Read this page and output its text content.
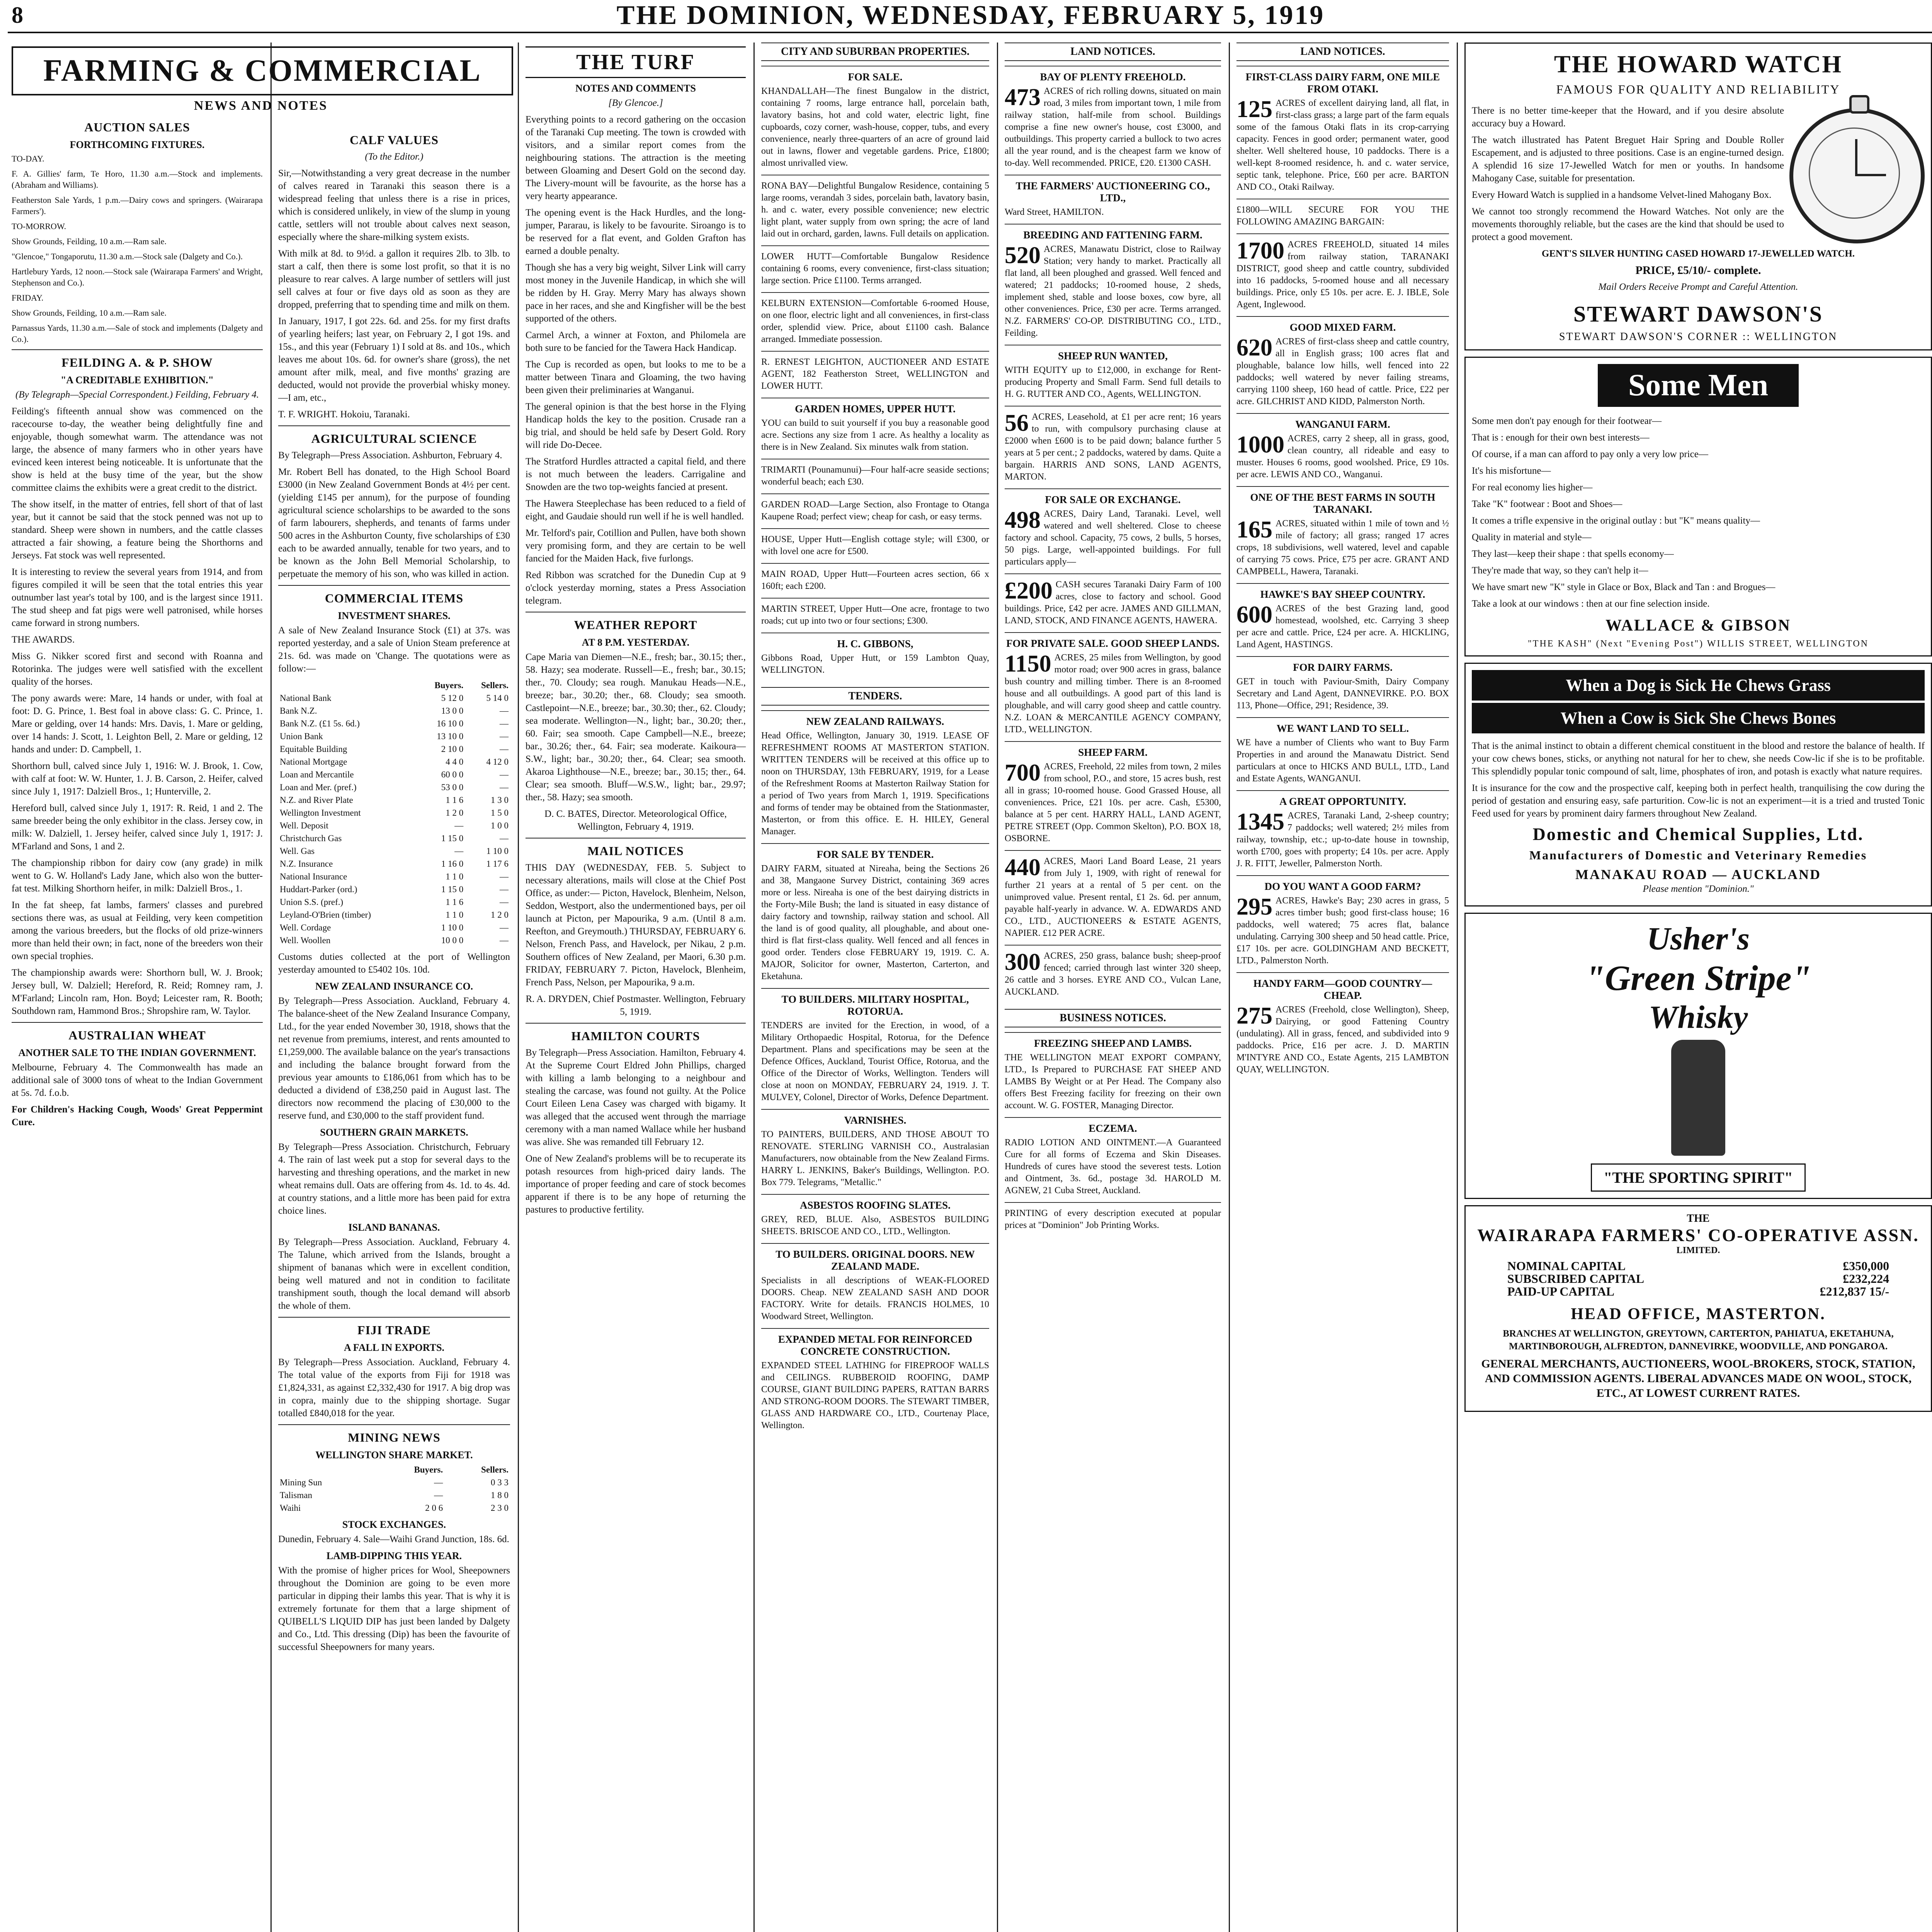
8	THE DOMINION, WEDNESDAY, FEBRUARY 5, 1919
FARMING & COMMERCIAL
NEWS AND NOTES
AUCTION SALES
FORTHCOMING FIXTURES.
TO-DAY.
F. A. Gillies' farm, Te Horo, 11.30 a.m.—Stock and implements. (Abraham and Williams).
Featherston Sale Yards, 1 p.m.—Dairy cows and springers. (Wairarapa Farmers').
TO-MORROW.
Show Grounds, Feilding, 10 a.m.—Ram sale.
"Glencoe," Tongaporutu, 11.30 a.m.—Stock sale (Dalgety and Co.).
Hartlebury Yards, 12 noon.—Stock sale (Wairarapa Farmers' and Wright, Stephenson and Co.).
FRIDAY.
Show Grounds, Feilding, 10 a.m.—Ram sale.
Parnassus Yards, 11.30 a.m.—Sale of stock and implements (Dalgety and Co.).
FEILDING A. & P. SHOW
"A CREDITABLE EXHIBITION."
(By Telegraph—Special Correspondent.) Feilding, February 4.
Feilding's fifteenth annual show was commenced on the racecourse to-day, the weather being delightfully fine and enjoyable, though somewhat warm. The attendance was not large, the absence of many farmers who in other years have evinced keen interest being noticeable. It is unfortunate that the show is held at the busy time of the year, but the show committee claims the exhibits were a great credit to the district.
The show itself, in the matter of entries, fell short of that of last year, but it cannot be said that the stock penned was not up to standard. Sheep were shown in numbers, and the cattle classes attracted a fair showing, a feature being the Shorthorns and Jerseys. Fat stock was well represented.
It is interesting to review the several years from 1914, and from figures compiled it will be seen that the total entries this year outnumber last year's total by 100, and is the largest since 1911. The stud sheep and fat pigs were well patronised, while horses came forward in strong numbers.
THE AWARDS.
Miss G. Nikker scored first and second with Roanna and Rotorinka. The judges were well satisfied with the excellent quality of the horses.
The pony awards were: Mare, 14 hands or under, with foal at foot: D. G. Prince, 1. Best foal in above class: G. C. Prince, 1. Mare or gelding, over 14 hands: Mrs. Davis, 1. Mare or gelding, over 14 hands: J. Scott, 1. Leighton Bell, 2. Mare or gelding, 12 hands and under: D. Campbell, 1.
Shorthorn bull, calved since July 1, 1916: W. J. Brook, 1. Cow, with calf at foot: W. W. Hunter, 1. J. B. Carson, 2. Heifer, calved since July 1, 1917: Dalziell Bros., 1; Hunterville, 2.
Hereford bull, calved since July 1, 1917: R. Reid, 1 and 2. The same breeder being the only exhibitor in the class. Jersey cow, in milk: W. Dalziell, 1. Jersey heifer, calved since July 1, 1917: J. M'Farland and Sons, 1 and 2.
The championship ribbon for dairy cow (any grade) in milk went to G. W. Holland's Lady Jane, which also won the butter-fat test. Milking Shorthorn heifer, in milk: Dalziell Bros., 1.
In the fat sheep, fat lambs, farmers' classes and purebred sections there was, as usual at Feilding, very keen competition among the various breeders, but the flocks of old prize-winners more than held their own; in fact, none of the breeders won their own special trophies.
The championship awards were: Shorthorn bull, W. J. Brook; Jersey bull, W. Dalziell; Hereford, R. Reid; Romney ram, J. M'Farland; Lincoln ram, Hon. Boyd; Leicester ram, R. Booth; Southdown ram, Hammond Bros.; Shropshire ram, W. Taylor.
AUSTRALIAN WHEAT
ANOTHER SALE TO THE INDIAN GOVERNMENT.
Melbourne, February 4. The Commonwealth has made an additional sale of 3000 tons of wheat to the Indian Government at 5s. 7d. f.o.b.
For Children's Hacking Cough, Woods' Great Peppermint Cure.
CALF VALUES
(To the Editor.)
Sir,—Notwithstanding a very great decrease in the number of calves reared in Taranaki this season there is a widespread feeling that unless there is a rise in prices, which is considered unlikely, in view of the slump in young cattle, settlers will not trouble about calves next season, especially where the share-milking system exists.
With milk at 8d. to 9½d. a gallon it requires 2lb. to 3lb. to start a calf, then there is some lost profit, so that it is no pleasure to rear calves. A large number of settlers will just sell calves at four or five days old as soon as they are dropped, preferring that to spending time and milk on them.
In January, 1917, I got 22s. 6d. and 25s. for my first drafts of yearling heifers; last year, on February 2, I got 19s. and 15s., and this year (February 1) I sold at 8s. and 10s., which leaves me about 10s. 6d. for owner's share (gross), the net amount after milk, meal, and five months' grazing are deducted, would not provide the proverbial whisky money.—I am, etc.,
T. F. WRIGHT. Hokoiu, Taranaki.
AGRICULTURAL SCIENCE
By Telegraph—Press Association. Ashburton, February 4.
Mr. Robert Bell has donated, to the High School Board £3000 (in New Zealand Government Bonds at 4½ per cent. (yielding £145 per annum), for the purpose of founding agricultural science scholarships to be awarded to the sons of farm labourers, shepherds, and tenants of farms under 500 acres in the Ashburton County, five scholarships of £30 each to be awarded annually, tenable for two years, and to be known as the John Bell Memorial Scholarship, to perpetuate the memory of his son, who was killed in action.
COMMERCIAL ITEMS
INVESTMENT SHARES.
A sale of New Zealand Insurance Stock (£1) at 37s. was reported yesterday, and a sale of Union Steam preference at 21s. 6d. was made on 'Change. The quotations were as follow:—
	Buyers.	Sellers.
National Bank	5 12 0	5 14 0
Bank N.Z.	13 0 0	—
Bank N.Z. (£1 5s. 6d.)	16 10 0	—
Union Bank	13 10 0	—
Equitable Building	2 10 0	—
National Mortgage	4 4 0	4 12 0
Loan and Mercantile	60 0 0	—
Loan and Mer. (pref.)	53 0 0	—
N.Z. and River Plate	1 1 6	1 3 0
Wellington Investment	1 2 0	1 5 0
Well. Deposit	—	1 0 0
Christchurch Gas	1 15 0	—
Well. Gas	—	1 10 0
N.Z. Insurance	1 16 0	1 17 6
National Insurance	1 1 0	—
Huddart-Parker (ord.)	1 15 0	—
Union S.S. (pref.)	1 1 6	—
Leyland-O'Brien (timber)	1 1 0	1 2 0
Well. Cordage	1 10 0	—
Well. Woollen	10 0 0	—
Customs duties collected at the port of Wellington yesterday amounted to £5402 10s. 10d.
NEW ZEALAND INSURANCE CO.
By Telegraph—Press Association. Auckland, February 4. The balance-sheet of the New Zealand Insurance Company, Ltd., for the year ended November 30, 1918, shows that the net revenue from premiums, interest, and rents amounted to £1,259,000. The available balance on the year's transactions and including the balance brought forward from the previous year amounts to £186,061 from which has to be deducted a dividend of £38,250 paid in August last. The directors now recommend the placing of £30,000 to the reserve fund, and £30,000 to the staff provident fund.
SOUTHERN GRAIN MARKETS.
By Telegraph—Press Association. Christchurch, February 4. The rain of last week put a stop for several days to the harvesting and threshing operations, and the market in new wheat remains dull. Oats are offering from 4s. 1d. to 4s. 4d. at country stations, and a little more has been paid for extra choice lines.
ISLAND BANANAS.
By Telegraph—Press Association. Auckland, February 4. The Talune, which arrived from the Islands, brought a shipment of bananas which were in excellent condition, being well matured and not in condition to facilitate transhipment south, though the local demand will absorb the whole of them.
FIJI TRADE
A FALL IN EXPORTS.
By Telegraph—Press Association. Auckland, February 4. The total value of the exports from Fiji for 1918 was £1,824,331, as against £2,332,430 for 1917. A big drop was in copra, mainly due to the shipping shortage. Sugar totalled £840,018 for the year.
MINING NEWS
WELLINGTON SHARE MARKET.
	Buyers.	Sellers.
Mining Sun	—	0 3 3
Talisman	—	1 8 0
Waihi	2 0 6	2 3 0
STOCK EXCHANGES.
Dunedin, February 4. Sale—Waihi Grand Junction, 18s. 6d.
LAMB-DIPPING THIS YEAR.
With the promise of higher prices for Wool, Sheepowners throughout the Dominion are going to be even more particular in dipping their lambs this year. That is why it is extremely fortunate for them that a large shipment of QUIBELL'S LIQUID DIP has just been landed by Dalgety and Co., Ltd. This dressing (Dip) has been the favourite of successful Sheepowners for many years.
THE TURF
NOTES AND COMMENTS
[By Glencoe.]
Everything points to a record gathering on the occasion of the Taranaki Cup meeting. The town is crowded with visitors, and a similar report comes from the neighbouring stations. The attraction is the meeting between Gloaming and Desert Gold on the second day. The Livery-mount will be favourite, as the horse has a very hearty appearance.
The opening event is the Hack Hurdles, and the long-jumper, Pararau, is likely to be favourite. Siroango is to be reserved for a flat event, and Golden Grafton has earned a double penalty.
Though she has a very big weight, Silver Link will carry most money in the Juvenile Handicap, in which she will be ridden by H. Gray. Merry Mary has always shown pace in her races, and she and Kingfisher will be the best supported of the others.
Carmel Arch, a winner at Foxton, and Philomela are both sure to be fancied for the Tawera Hack Handicap.
The Cup is recorded as open, but looks to me to be a matter between Tinara and Gloaming, the two having been given their preliminaries at Wanganui.
The general opinion is that the best horse in the Flying Handicap holds the key to the position. Crusade ran a big trial, and should be held safe by Desert Gold. Rory will ride Do-Decee.
The Stratford Hurdles attracted a capital field, and there is not much between the leaders. Carrigaline and Snowden are the two top-weights fancied at present.
The Hawera Steeplechase has been reduced to a field of eight, and Gaudaie should run well if he is well handled.
Mr. Telford's pair, Cotillion and Pullen, have both shown very promising form, and they are certain to be well fancied for the Maiden Hack, five furlongs.
Red Ribbon was scratched for the Dunedin Cup at 9 o'clock yesterday morning, states a Press Association telegram.
WEATHER REPORT
AT 8 P.M. YESTERDAY.
Cape Maria van Diemen—N.E., fresh; bar., 30.15; ther., 58. Hazy; sea moderate. Russell—E., fresh; bar., 30.15; ther., 70. Cloudy; sea rough. Manukau Heads—N.E., breeze; bar., 30.20; ther., 68. Cloudy; sea smooth. Castlepoint—N.E., breeze; bar., 30.30; ther., 62. Cloudy; sea moderate. Wellington—N., light; bar., 30.20; ther., 60. Fair; sea smooth. Cape Campbell—N.E., breeze; bar., 30.26; ther., 64. Fair; sea moderate. Kaikoura—S.W., light; bar., 30.20; ther., 64. Clear; sea smooth. Akaroa Lighthouse—N.E., breeze; bar., 30.15; ther., 64. Clear; sea smooth. Bluff—W.S.W., light; bar., 29.97; ther., 58. Hazy; sea smooth.
D. C. BATES, Director. Meteorological Office, Wellington, February 4, 1919.
MAIL NOTICES
THIS DAY (WEDNESDAY, FEB. 5. Subject to necessary alterations, mails will close at the Chief Post Office, as under:— Picton, Havelock, Blenheim, Nelson, Seddon, Westport, also the undermentioned bays, per oil launch at Picton, per Mapourika, 9 a.m. (Until 8 a.m. Reefton, and Greymouth.) THURSDAY, FEBRUARY 6. Nelson, French Pass, and Havelock, per Nikau, 2 p.m. Southern offices of New Zealand, per Maori, 6.30 p.m. FRIDAY, FEBRUARY 7. Picton, Havelock, Blenheim, French Pass, Nelson, per Mapourika, 9 a.m.
R. A. DRYDEN, Chief Postmaster. Wellington, February 5, 1919.
HAMILTON COURTS
By Telegraph—Press Association. Hamilton, February 4. At the Supreme Court Eldred John Phillips, charged with killing a lamb belonging to a neighbour and stealing the carcase, was found not guilty. At the Police Court Eileen Lena Casey was charged with bigamy. It was alleged that the accused went through the marriage ceremony with a man named Wallace while her husband was alive. She was remanded till February 12.
One of New Zealand's problems will be to recuperate its potash resources from high-priced dairy lands. The importance of proper feeding and care of stock becomes apparent if there is to be any hope of returning the pastures to productive fertility.
CITY AND SUBURBAN PROPERTIES.
FOR SALE.
KHANDALLAH—The finest Bungalow in the district, containing 7 rooms, large entrance hall, porcelain bath, lavatory basins, hot and cold water, electric light, fine cupboards, cozy corner, wash-house, copper, tubs, and every convenience, nearly three-quarters of an acre of ground laid out in lawns, flower and vegetable gardens. Price, £1800; almost unrivalled view.
RONA BAY—Delightful Bungalow Residence, containing 5 large rooms, verandah 3 sides, porcelain bath, lavatory basin, h. and c. water, every possible convenience; new electric light plant, water supply from own spring; the acre of land laid out in orchard, garden, lawns. Full details on application.
LOWER HUTT—Comfortable Bungalow Residence containing 6 rooms, every convenience, first-class situation; large section. Price £1100. Terms arranged.
KELBURN EXTENSION—Comfortable 6-roomed House, on one floor, electric light and all conveniences, in first-class order, splendid view. Price, about £1100 cash. Balance arranged. Immediate possession.
R. ERNEST LEIGHTON, AUCTIONEER AND ESTATE AGENT, 182 Featherston Street, WELLINGTON and LOWER HUTT.
GARDEN HOMES, UPPER HUTT.
YOU can build to suit yourself if you buy a reasonable good acre. Sections any size from 1 acre. As healthy a locality as there is in New Zealand. Six minutes walk from station.
TRIMARTI (Pounamunui)—Four half-acre seaside sections; wonderful beach; each £30.
GARDEN ROAD—Large Section, also Frontage to Otanga Kaupene Road; perfect view; cheap for cash, or easy terms.
HOUSE, Upper Hutt—English cottage style; will £300, or with lovel one acre for £500.
MAIN ROAD, Upper Hutt—Fourteen acres section, 66 x 160ft; each £200.
MARTIN STREET, Upper Hutt—One acre, frontage to two roads; cut up into two or four sections; £300.
H. C. GIBBONS,
Gibbons Road, Upper Hutt, or 159 Lambton Quay, WELLINGTON.
TENDERS.
NEW ZEALAND RAILWAYS.
Head Office, Wellington, January 30, 1919. LEASE OF REFRESHMENT ROOMS AT MASTERTON STATION. WRITTEN TENDERS will be received at this office up to noon on THURSDAY, 13th FEBRUARY, 1919, for a Lease of the Refreshment Rooms at Masterton Railway Station for a period of Two years from March 1, 1919. Specifications and forms of tender may be obtained from the Stationmaster, Masterton, or from this office. E. H. HILEY, General Manager.
FOR SALE BY TENDER.
DAIRY FARM, situated at Nireaha, being the Sections 26 and 38, Mangaone Survey District, containing 369 acres more or less. Nireaha is one of the best dairying districts in the Forty-Mile Bush; the land is situated in easy distance of dairy factory and township, railway station and school. All the land is of good quality, all ploughable, and about one-third is flat first-class quality. Well fenced and all fences in good order. Tenders close FEBRUARY 19, 1919. C. A. MAJOR, Solicitor for owner, Masterton, Carterton, and Eketahuna.
TO BUILDERS. MILITARY HOSPITAL, ROTORUA.
TENDERS are invited for the Erection, in wood, of a Military Orthopaedic Hospital, Rotorua, for the Defence Department. Plans and specifications may be seen at the Defence Offices, Auckland, Tourist Office, Rotorua, and the Office of the Director of Works, Wellington. Tenders will close at noon on MONDAY, FEBRUARY 24, 1919. J. T. MULVEY, Colonel, Director of Works, Defence Department.
VARNISHES.
TO PAINTERS, BUILDERS, AND THOSE ABOUT TO RENOVATE. STERLING VARNISH CO., Australasian Manufacturers, now obtainable from the New Zealand Firms. HARRY L. JENKINS, Baker's Buildings, Wellington. P.O. Box 779. Telegrams, "Metallic."
ASBESTOS ROOFING SLATES.
GREY, RED, BLUE. Also, ASBESTOS BUILDING SHEETS. BRISCOE AND CO., LTD., Wellington.
TO BUILDERS. ORIGINAL DOORS. NEW ZEALAND MADE.
Specialists in all descriptions of WEAK-FLOORED DOORS. Cheap. NEW ZEALAND SASH AND DOOR FACTORY. Write for details. FRANCIS HOLMES, 10 Woodward Street, Wellington.
EXPANDED METAL FOR REINFORCED CONCRETE CONSTRUCTION.
EXPANDED STEEL LATHING for FIREPROOF WALLS and CEILINGS. RUBBEROID ROOFING, DAMP COURSE, GIANT BUILDING PAPERS, RATTAN BARRS AND STRONG-ROOM DOORS. The STEWART TIMBER, GLASS AND HARDWARE CO., LTD., Courtenay Place, Wellington.
LAND NOTICES.
BAY OF PLENTY FREEHOLD.
473 ACRES of rich rolling downs, situated on main road, 3 miles from important town, 1 mile from railway station, half-mile from school. Buildings comprise a fine new owner's house, cost £3000, and outbuildings. This property carried a bullock to two acres all the year round, and is the cheapest farm we know of to-day. Well recommended. PRICE, £20. £1300 CASH.
THE FARMERS' AUCTIONEERING CO., LTD.,
Ward Street, HAMILTON.
BREEDING AND FATTENING FARM.
520 ACRES, Manawatu District, close to Railway Station; very handy to market. Practically all flat land, all been ploughed and grassed. Well fenced and watered; 21 paddocks; 10-roomed house, 2 sheds, implement shed, stable and loose boxes, cow byre, all other conveniences. Price, £30 per acre. Terms arranged. N.Z. FARMERS' CO-OP. DISTRIBUTING CO., LTD., Feilding.
SHEEP RUN WANTED,
WITH EQUITY up to £12,000, in exchange for Rent-producing Property and Small Farm. Send full details to H. G. RUTTER AND CO., Agents, WELLINGTON.
56 ACRES, Leasehold, at £1 per acre rent; 16 years to run, with compulsory purchasing clause at £2000 when £600 is to be paid down; balance further 5 years at 5 per cent.; 2 paddocks, watered by dams. Quite a bargain. HARRIS AND SONS, LAND AGENTS, MARTON.
FOR SALE OR EXCHANGE.
498 ACRES, Dairy Land, Taranaki. Level, well watered and well sheltered. Close to cheese factory and school. Capacity, 75 cows, 2 bulls, 5 horses, 50 pigs. Large, well-appointed buildings. For full particulars apply—
£200 CASH secures Taranaki Dairy Farm of 100 acres, close to factory and school. Good buildings. Price, £42 per acre. JAMES AND GILLMAN, LAND, STOCK, AND FINANCE AGENTS, HAWERA.
FOR PRIVATE SALE. GOOD SHEEP LANDS.
1150 ACRES, 25 miles from Wellington, by good motor road; over 900 acres in grass, balance bush country and milling timber. There is an 8-roomed house and all outbuildings. A good part of this land is ploughable, and will carry good sheep and cattle country. N.Z. LOAN & MERCANTILE AGENCY COMPANY, LTD., WELLINGTON.
SHEEP FARM.
700 ACRES, Freehold, 22 miles from town, 2 miles from school, P.O., and store, 15 acres bush, rest all in grass; 10-roomed house. Good Grassed House, all conveniences. Price, £21 10s. per acre. Cash, £5300, balance at 5 per cent. HARRY HALL, LAND AGENT, PETRE STREET (Opp. Common Skelton), P.O. BOX 18, OSBORNE.
440 ACRES, Maori Land Board Lease, 21 years from July 1, 1909, with right of renewal for further 21 years at a rental of 5 per cent. on the unimproved value. Present rental, £1 2s. 6d. per annum, payable half-yearly in advance. W. A. EDWARDS AND CO., LTD., AUCTIONEERS & ESTATE AGENTS, NAPIER. £12 PER ACRE.
300 ACRES, 250 grass, balance bush; sheep-proof fenced; carried through last winter 320 sheep, 26 cattle and 3 horses. EYRE AND CO., Vulcan Lane, AUCKLAND.
BUSINESS NOTICES.
FREEZING SHEEP AND LAMBS.
THE WELLINGTON MEAT EXPORT COMPANY, LTD., Is Prepared to PURCHASE FAT SHEEP AND LAMBS By Weight or at Per Head. The Company also offers Best Freezing facility for freezing on their own account. W. G. FOSTER, Managing Director.
ECZEMA.
RADIO LOTION AND OINTMENT.—A Guaranteed Cure for all forms of Eczema and Skin Diseases. Hundreds of cures have stood the severest tests. Lotion and Ointment, 3s. 6d., postage 3d. HAROLD M. AGNEW, 21 Cuba Street, Auckland.
PRINTING of every description executed at popular prices at "Dominion" Job Printing Works.
LAND NOTICES.
FIRST-CLASS DAIRY FARM, ONE MILE FROM OTAKI.
125 ACRES of excellent dairying land, all flat, in first-class grass; a large part of the farm equals some of the famous Otaki flats in its crop-carrying capacity. Fences in good order; permanent water, good shelter. Well sheltered house, 10 paddocks. There is a well-kept 8-roomed residence, h. and c. water service, septic tank, telephone. Price, £60 per acre. BARTON AND CO., Otaki Railway.
£1800—WILL SECURE FOR YOU THE FOLLOWING AMAZING BARGAIN:
1700 ACRES FREEHOLD, situated 14 miles from railway station, TARANAKI DISTRICT, good sheep and cattle country, subdivided into 16 paddocks, 5-roomed house and all necessary buildings. Price, only £5 10s. per acre. E. J. IBLE, Sole Agent, Inglewood.
GOOD MIXED FARM.
620 ACRES of first-class sheep and cattle country, all in English grass; 100 acres flat and ploughable, balance low hills, well fenced into 22 paddocks; well watered by never failing streams, carrying 1100 sheep, 160 head of cattle. Price, £22 per acre. GILCHRIST AND KIDD, Palmerston North.
WANGANUI FARM.
1000 ACRES, carry 2 sheep, all in grass, good, clean country, all rideable and easy to muster. Houses 6 rooms, good woolshed. Price, £9 10s. per acre. LEWIS AND CO., Wanganui.
ONE OF THE BEST FARMS IN SOUTH TARANAKI.
165 ACRES, situated within 1 mile of town and ½ mile of factory; all grass; ranged 17 acres crops, 18 subdivisions, well watered, level and capable of carrying 75 cows. Price, £75 per acre. GRANT AND CAMPBELL, Hawera, Taranaki.
HAWKE'S BAY SHEEP COUNTRY.
600 ACRES of the best Grazing land, good homestead, woolshed, etc. Carrying 3 sheep per acre and cattle. Price, £24 per acre. A. HICKLING, Land Agent, HASTINGS.
FOR DAIRY FARMS.
GET in touch with Paviour-Smith, Dairy Company Secretary and Land Agent, DANNEVIRKE. P.O. BOX 113, Phone—Office, 291; Residence, 39.
WE WANT LAND TO SELL.
WE have a number of Clients who want to Buy Farm Properties in and around the Manawatu District. Send particulars at once to HICKS AND BULL, LTD., Land and Estate Agents, WANGANUI.
A GREAT OPPORTUNITY.
1345 ACRES, Taranaki Land, 2-sheep country; 7 paddocks; well watered; 2½ miles from railway, township, etc.; up-to-date house in township, worth £700, goes with property; £4 10s. per acre. Apply J. R. FITT, Jeweller, Palmerston North.
DO YOU WANT A GOOD FARM?
295 ACRES, Hawke's Bay; 230 acres in grass, 5 acres timber bush; good first-class house; 16 paddocks, well watered; 75 acres flat, balance undulating. Carrying 300 sheep and 50 head cattle. Price, £17 10s. per acre. GOLDINGHAM AND BECKETT, LTD., Palmerston North.
HANDY FARM—GOOD COUNTRY—CHEAP.
275 ACRES (Freehold, close Wellington), Sheep, Dairying, or good Fattening Country (undulating). All in grass, fenced, and subdivided into 9 paddocks. Price, £16 per acre. J. D. MARTIN M'INTYRE AND CO., Estate Agents, 215 LAMBTON QUAY, WELLINGTON.
THE HOWARD WATCH
FAMOUS FOR QUALITY AND RELIABILITY
There is no better time-keeper that the Howard, and if you desire absolute accuracy buy a Howard.
The watch illustrated has Patent Breguet Hair Spring and Double Roller Escapement, and is adjusted to three positions. Case is an engine-turned design. A splendid 16 size 17-Jewelled Watch for men or youths. In handsome Mahogany Case, suitable for presentation.
Every Howard Watch is supplied in a handsome Velvet-lined Mahogany Box.
We cannot too strongly recommend the Howard Watches. Not only are the movements thoroughly reliable, but the cases are the kind that should be used to protect a good movement.
GENT'S SILVER HUNTING CASED HOWARD 17-JEWELLED WATCH.
PRICE, £5/10/- complete.
Mail Orders Receive Prompt and Careful Attention.
STEWART DAWSON'S
STEWART DAWSON'S CORNER :: WELLINGTON
Some Men
Some men don't pay enough for their footwear—
That is : enough for their own best interests—
Of course, if a man can afford to pay only a very low price—
It's his misfortune—
For real economy lies higher—
Take "K" footwear : Boot and Shoes—
It comes a trifle expensive in the original outlay : but "K" means quality—
Quality in material and style—
They last—keep their shape : that spells economy—
They're made that way, so they can't help it—
We have smart new "K" style in Glace or Box, Black and Tan : and Brogues—
Take a look at our windows : then at our fine selection inside.
WALLACE & GIBSON
"THE KASH" (Next "Evening Post") WILLIS STREET, WELLINGTON
When a Dog is Sick He Chews Grass
When a Cow is Sick She Chews Bones
That is the animal instinct to obtain a different chemical constituent in the blood and restore the balance of health. If your cow chews bones, sticks, or anything not natural for her to chew, she needs Cow-lic if she is to be profitable. This splendidly popular tonic compound of salt, lime, phosphates of iron, and potash is exactly what nature requires.
It is insurance for the cow and the prospective calf, keeping both in perfect health, tranquilising the cow during the period of gestation and ensuring easy, safe parturition. Cow-lic is not an experiment—it is a tried and trusted Tonic Feed used for years by prominent dairy farmers throughout New Zealand.
Domestic and Chemical Supplies, Ltd.
Manufacturers of Domestic and Veterinary Remedies
MANAKAU ROAD — AUCKLAND
Please mention "Dominion."
Usher's
"Green Stripe"
Whisky
"THE SPORTING SPIRIT"
THE
WAIRARAPA FARMERS' CO-OPERATIVE ASSN.
LIMITED.
NOMINAL CAPITAL	£350,000
SUBSCRIBED CAPITAL	£232,224
PAID-UP CAPITAL	£212,837 15/-
HEAD OFFICE, MASTERTON.
BRANCHES AT WELLINGTON, GREYTOWN, CARTERTON, PAHIATUA, EKETAHUNA, MARTINBOROUGH, ALFREDTON, DANNEVIRKE, WOODVILLE, AND PONGAROA.
GENERAL MERCHANTS, AUCTIONEERS, WOOL-BROKERS, STOCK, STATION, AND COMMISSION AGENTS. LIBERAL ADVANCES MADE ON WOOL, STOCK, ETC., AT LOWEST CURRENT RATES.
